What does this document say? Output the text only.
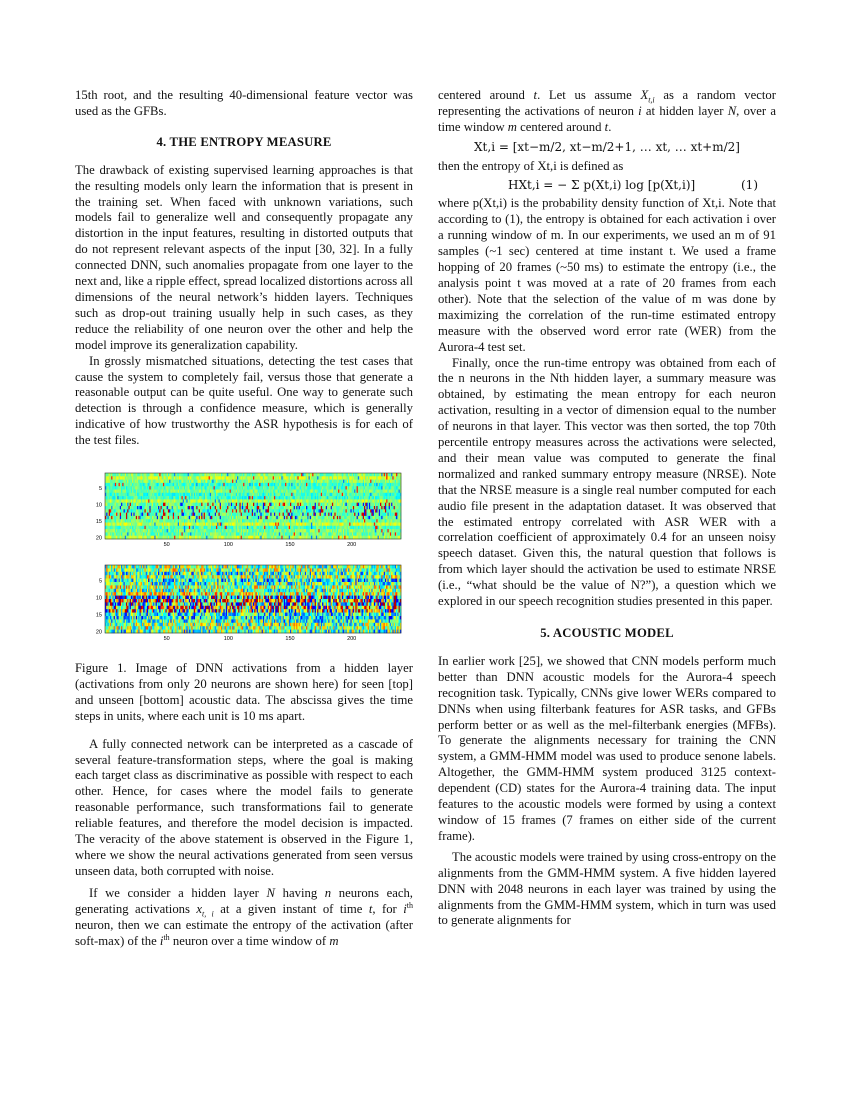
15th root, and the resulting 40-dimensional feature vector was used as the GFBs.

4. THE ENTROPY MEASURE

The drawback of existing supervised learning approaches is that the resulting models only learn the information that is present in the training set. When faced with unknown variations, such models fail to generalize well and consequently propagate any distortion in the input features, resulting in distorted outputs that do not represent relevant aspects of the input [30, 32]. In a fully connected DNN, such anomalies propagate from one layer to the next and, like a ripple effect, spread localized distortions across all dimensions of the neural network’s hidden layers. Techniques such as drop-out training usually help in such cases, as they reduce the reliability of one neuron over the other and help the model improve its generalization capability.

In grossly mismatched situations, detecting the test cases that cause the system to completely fail, versus those that generate a reasonable output can be quite useful. One way to generate such detection is through a confidence measure, which is generally indicative of how trustworthy the ASR hypothesis is for each of the test files.

5
10
15
20
50	100	150	200
5
10
15
20
50	100	150	200

Figure 1. Image of DNN activations from a hidden layer (activations from only 20 neurons are shown here) for seen [top] and unseen [bottom] acoustic data. The abscissa gives the time steps in units, where each unit is 10 ms apart.

A fully connected network can be interpreted as a cascade of several feature-transformation steps, where the goal is making each target class as discriminative as possible with respect to each other. Hence, for cases where the model fails to generate reasonable performance, such transformations fail to generate reliable features, and therefore the model decision is impacted. The veracity of the above statement is observed in the Figure 1, where we show the neural activations generated from seen versus unseen data, both corrupted with noise.

If we consider a hidden layer N having n neurons each, generating activations $x_{t, i}$ at a given instant of time t, for $i^{th}$ neuron, then we can estimate the entropy of the activation (after soft-max) of the $i^{th}$ neuron over a time window of m

centered around t. Let us assume $X_{t,i}$ as a random vector representing the activations of neuron i at hidden layer N, over a time window m centered around t.

Xt,i = [xt−m/2, xt−m/2+1, … xt, … xt+m/2]

then the entropy of Xt,i is defined as

HXt,i = − Σ p(Xt,i) log [p(Xt,i)]	(1)

where p(Xt,i) is the probability density function of Xt,i. Note that according to (1), the entropy is obtained for each activation i over a running window of m. In our experiments, we used an m of 91 samples (~1 sec) centered at time instant t. We used a frame hopping of 20 frames (~50 ms) to estimate the entropy (i.e., the analysis point t was moved at a rate of 20 frames from each other). Note that the selection of the value of m was done by maximizing the correlation of the run-time estimated entropy measure with the observed word error rate (WER) from the Aurora-4 test set.

Finally, once the run-time entropy was obtained from each of the n neurons in the Nth hidden layer, a summary measure was obtained, by estimating the mean entropy for each neuron activation, resulting in a vector of dimension equal to the number of neurons in that layer. This vector was then sorted, the top 70th percentile entropy measures across the activations were selected, and their mean value was computed to generate the final normalized and ranked summary entropy measure (NRSE). Note that the NRSE measure is a single real number computed for each audio file present in the adaptation dataset. It was observed that the estimated entropy correlated with ASR WER with a correlation coefficient of approximately 0.4 for an unseen noisy speech dataset. Given this, the natural question that follows is from which layer should the activation be used to estimate NRSE (i.e., “what should be the value of N?”), a question which we explored in our speech recognition studies presented in this paper.

5. ACOUSTIC MODEL

In earlier work [25], we showed that CNN models perform much better than DNN acoustic models for the Aurora-4 speech recognition task. Typically, CNNs give lower WERs compared to DNNs when using filterbank features for ASR tasks, and GFBs perform better or as well as the mel-filterbank energies (MFBs). To generate the alignments necessary for training the CNN system, a GMM-HMM model was used to produce senone labels. Altogether, the GMM-HMM system produced 3125 context-dependent (CD) states for the Aurora-4 training data. The input features to the acoustic models were formed by using a context window of 15 frames (7 frames on either side of the current frame).

The acoustic models were trained by using cross-entropy on the alignments from the GMM-HMM system. A five hidden layered DNN with 2048 neurons in each layer was trained by using the alignments from the GMM-HMM system, which in turn was used to generate alignments for
